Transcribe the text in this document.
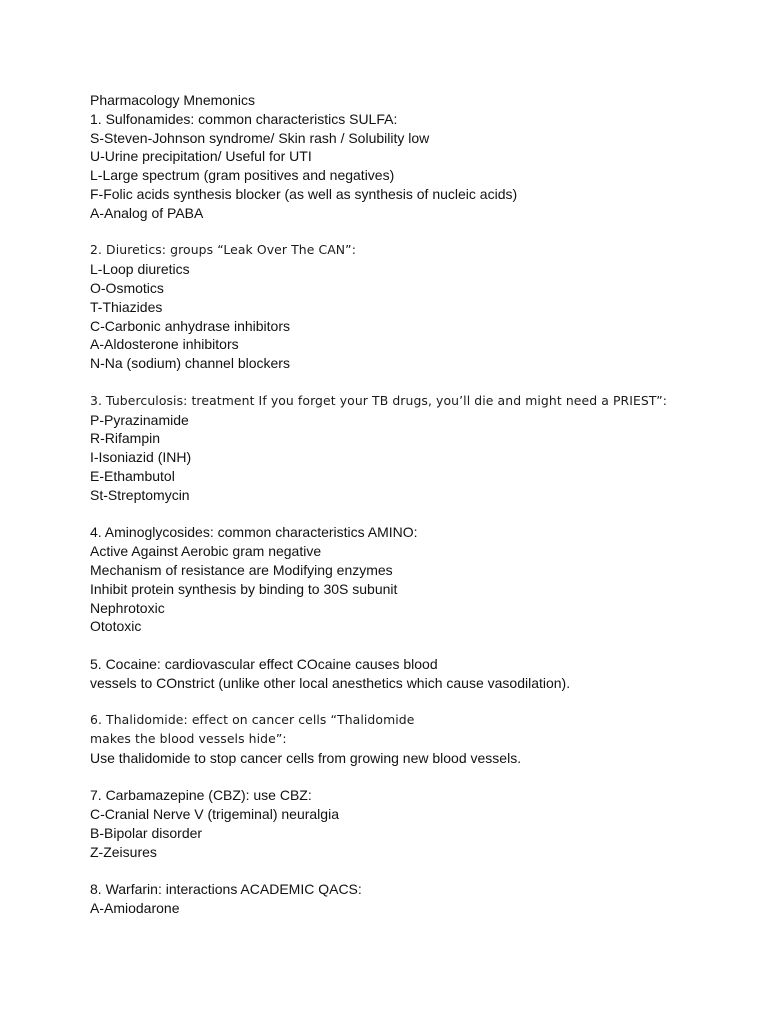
Pharmacology Mnemonics
1. Sulfonamides: common characteristics SULFA:
S-Steven-Johnson syndrome/ Skin rash / Solubility low
U-Urine precipitation/ Useful for UTI
L-Large spectrum (gram positives and negatives)
F-Folic acids synthesis blocker (as well as synthesis of nucleic acids)
A-Analog of PABA
2. Diuretics: groups “Leak Over The CAN”:
L-Loop diuretics
O-Osmotics
T-Thiazides
C-Carbonic anhydrase inhibitors
A-Aldosterone inhibitors
N-Na (sodium) channel blockers
3. Tuberculosis: treatment If you forget your TB drugs, you’ll die and might need a PRIEST”:
P-Pyrazinamide
R-Rifampin
I-Isoniazid (INH)
E-Ethambutol
St-Streptomycin
4. Aminoglycosides: common characteristics AMINO:
Active Against Aerobic gram negative
Mechanism of resistance are Modifying enzymes
Inhibit protein synthesis by binding to 30S subunit
Nephrotoxic
Ototoxic
5. Cocaine: cardiovascular effect COcaine causes blood
vessels to COnstrict (unlike other local anesthetics which cause vasodilation).
6. Thalidomide: effect on cancer cells “Thalidomide
makes the blood vessels hide”:
Use thalidomide to stop cancer cells from growing new blood vessels.
7. Carbamazepine (CBZ): use CBZ:
C-Cranial Nerve V (trigeminal) neuralgia
B-Bipolar disorder
Z-Zeisures
8. Warfarin: interactions ACADEMIC QACS:
A-Amiodarone
